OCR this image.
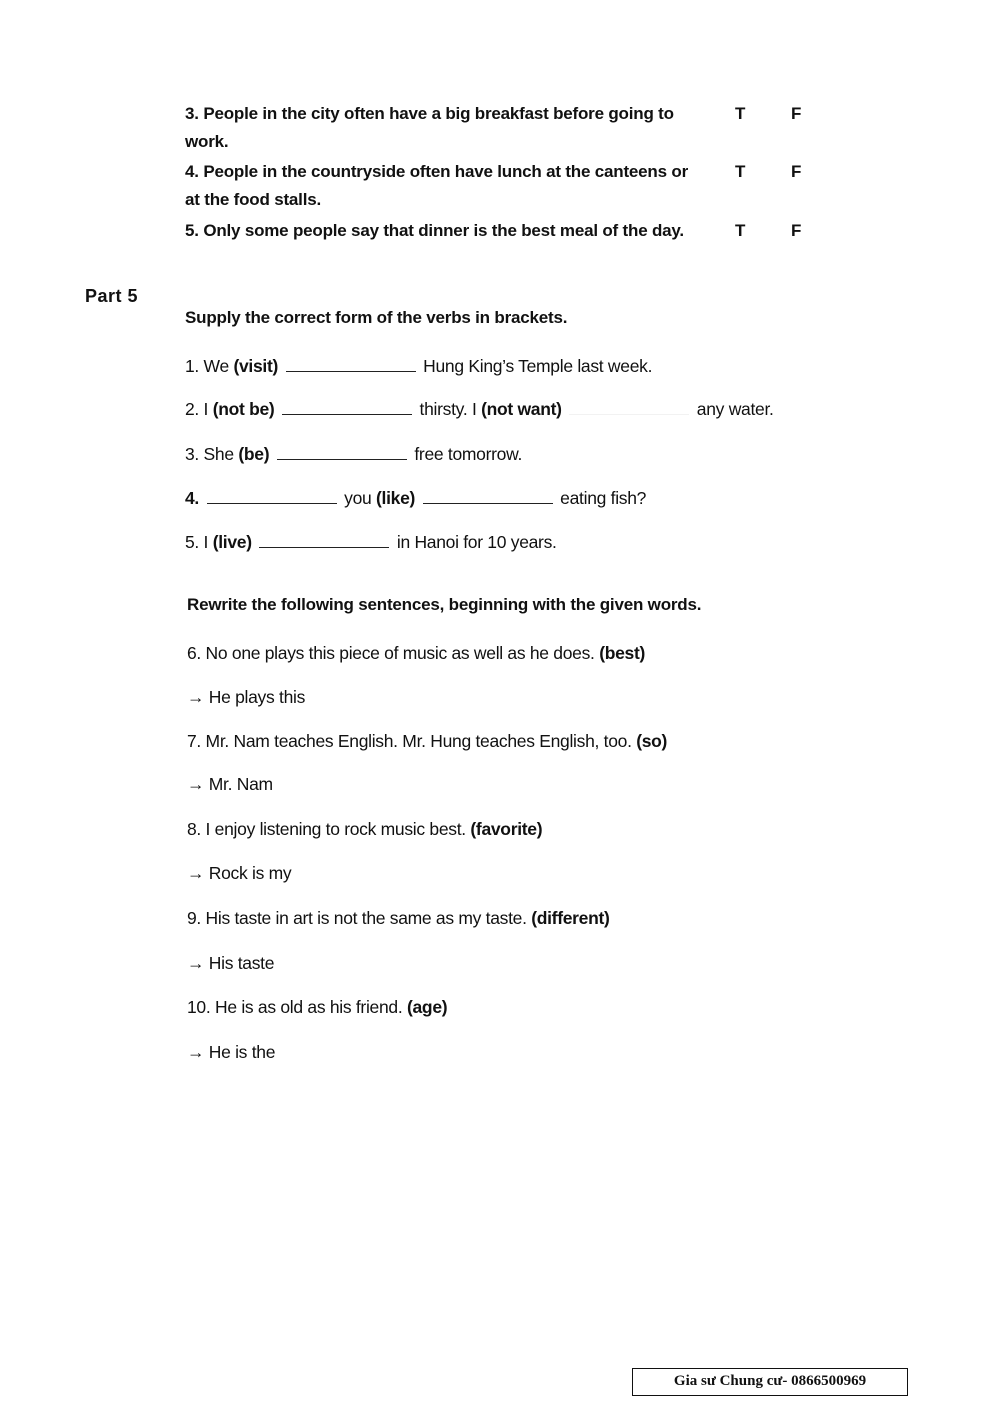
3. People in the city often have a big breakfast before going to work.
T	F
4. People in the countryside often have lunch at the canteens or at the food stalls.
T	F
5. Only some people say that dinner is the best meal of the day.	T	F
Part 5
Supply the correct form of the verbs in brackets.
1. We (visit)	Hung King’s Temple last week.
2. I (not be)	thirsty. I (not want)	any water.
3. She (be)	free tomorrow.
4.	you (like)	eating fish?
5. I (live)	in Hanoi for 10 years.
Rewrite the following sentences, beginning with the given words.
6. No one plays this piece of music as well as he does. (best)
→ He plays this
7. Mr. Nam teaches English. Mr. Hung teaches English, too. (so)
→ Mr. Nam
8. I enjoy listening to rock music best. (favorite)
→ Rock is my
9. His taste in art is not the same as my taste. (different)
→ His taste
10. He is as old as his friend. (age)
→ He is the
Gia sư Chung cư- 0866500969
